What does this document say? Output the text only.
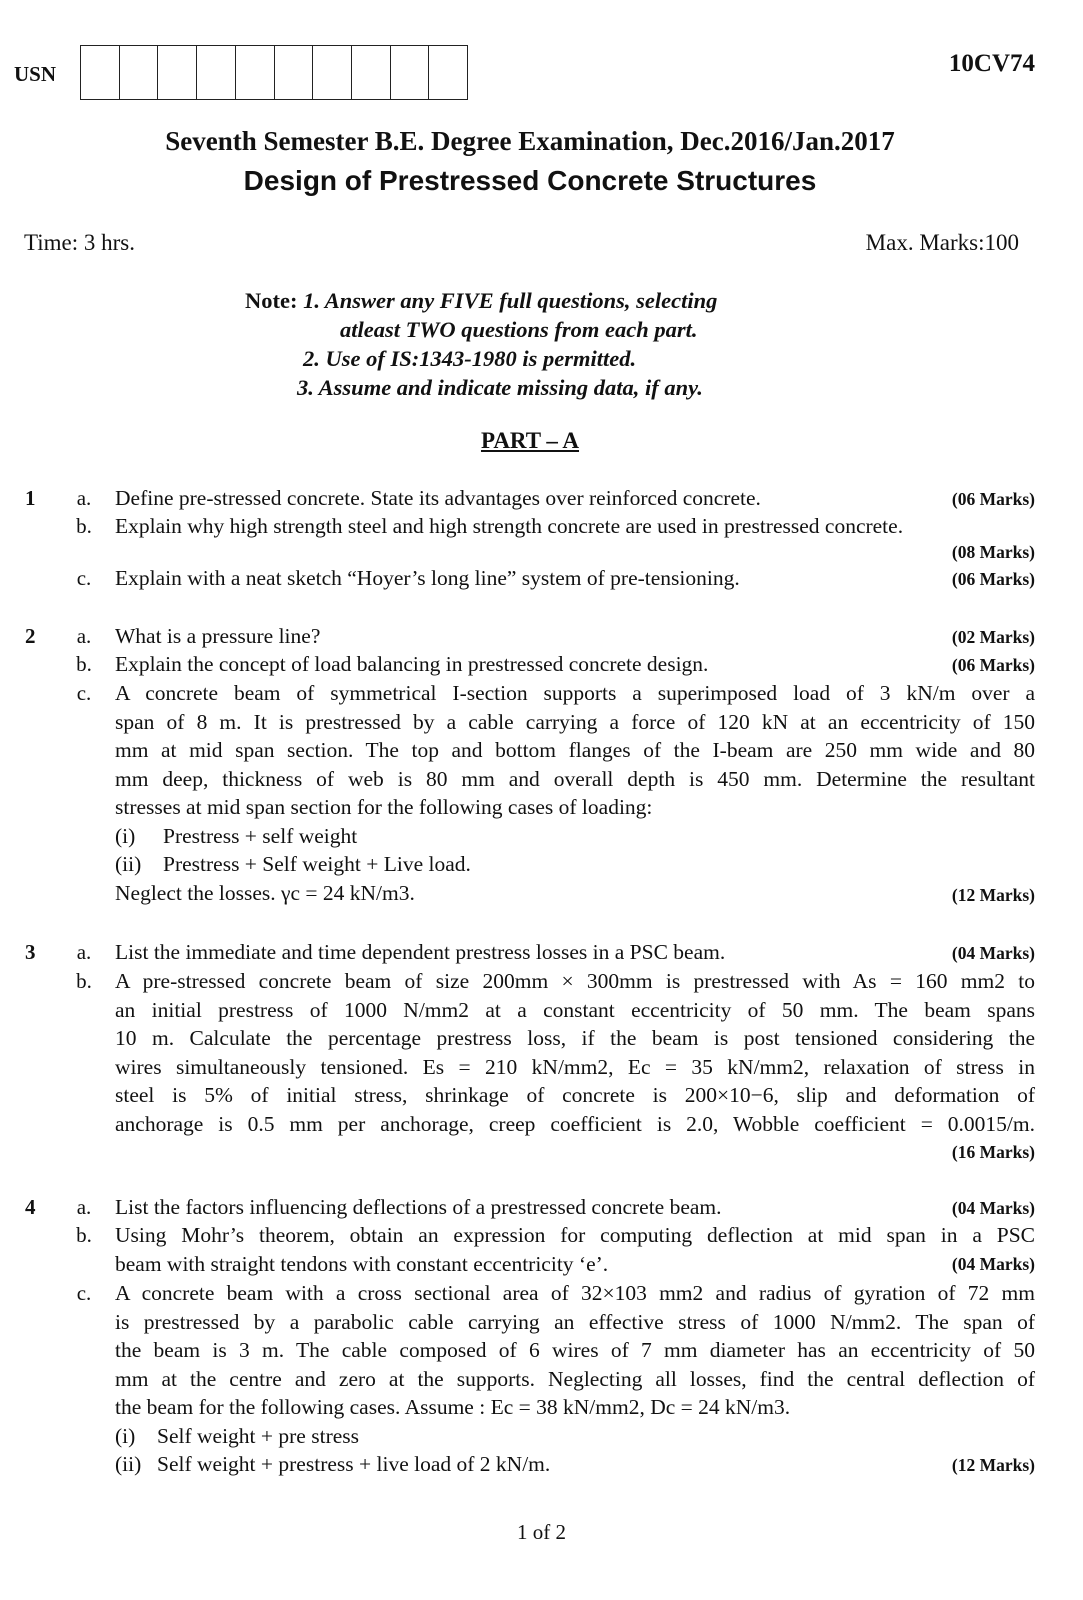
USN	10CV74
Seventh Semester B.E. Degree Examination, Dec.2016/Jan.2017
Design of Prestressed Concrete Structures
Time: 3 hrs.	Max. Marks:100
Note: 1. Answer any FIVE full questions, selecting
atleast TWO questions from each part.
2. Use of IS:1343-1980 is permitted.
3. Assume and indicate missing data, if any.
PART – A
1 a. Define pre-stressed concrete. State its advantages over reinforced concrete.	(06 Marks)
b. Explain why high strength steel and high strength concrete are used in prestressed concrete.
(08 Marks)
c. Explain with a neat sketch “Hoyer’s long line” system of pre-tensioning.	(06 Marks)
2 a. What is a pressure line?	(02 Marks)
b. Explain the concept of load balancing in prestressed concrete design.	(06 Marks)
c. A concrete beam of symmetrical I-section supports a superimposed load of 3 kN/m over a
span of 8 m. It is prestressed by a cable carrying a force of 120 kN at an eccentricity of 150
mm at mid span section. The top and bottom flanges of the I-beam are 250 mm wide and 80
mm deep, thickness of web is 80 mm and overall depth is 450 mm. Determine the resultant
stresses at mid span section for the following cases of loading:
(i) Prestress + self weight
(ii) Prestress + Self weight + Live load.
Neglect the losses. γc = 24 kN/m3.	(12 Marks)
3 a. List the immediate and time dependent prestress losses in a PSC beam.	(04 Marks)
b. A pre-stressed concrete beam of size 200mm × 300mm is prestressed with As = 160 mm2 to
an initial prestress of 1000 N/mm2 at a constant eccentricity of 50 mm. The beam spans
10 m. Calculate the percentage prestress loss, if the beam is post tensioned considering the
wires simultaneously tensioned. Es = 210 kN/mm2, Ec = 35 kN/mm2, relaxation of stress in
steel is 5% of initial stress, shrinkage of concrete is 200×10−6, slip and deformation of
anchorage is 0.5 mm per anchorage, creep coefficient is 2.0, Wobble coefficient = 0.0015/m.
(16 Marks)
4 a. List the factors influencing deflections of a prestressed concrete beam.	(04 Marks)
b. Using Mohr’s theorem, obtain an expression for computing deflection at mid span in a PSC
beam with straight tendons with constant eccentricity ‘e’.	(04 Marks)
c. A concrete beam with a cross sectional area of 32×103 mm2 and radius of gyration of 72 mm
is prestressed by a parabolic cable carrying an effective stress of 1000 N/mm2. The span of
the beam is 3 m. The cable composed of 6 wires of 7 mm diameter has an eccentricity of 50
mm at the centre and zero at the supports. Neglecting all losses, find the central deflection of
the beam for the following cases. Assume : Ec = 38 kN/mm2, Dc = 24 kN/m3.
(i) Self weight + pre stress
(ii) Self weight + prestress + live load of 2 kN/m.	(12 Marks)
1 of 2
